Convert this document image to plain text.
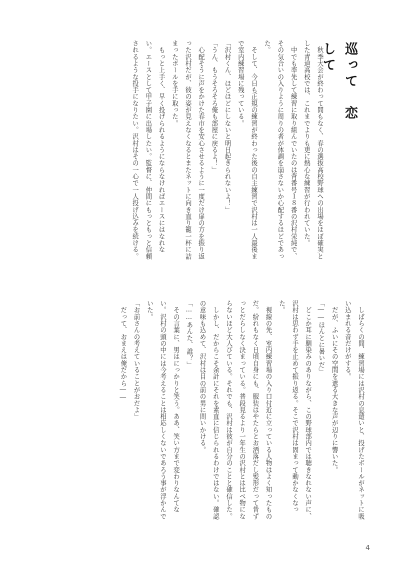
巡って　恋して

　秋季大会が終わって間もなく、春の選抜高校野球への出場をほぼ確実とした青道高校では、これまでよりも更に熱心な練習が行われていた。

　中でも率先して練習に取り組んでいたのは背番号１８番の沢村栄純で、その気合いの入りように周りの者が体調を崩さないか心配するほどであった。

　そして、今日も正規の練習が終わった後の自主練習で沢村は一人最後まで室内練習場に残っている。

「沢村くん、ほどほどにしないと明日起きられないよ！」

「うん、もうそろそろ俺も部屋に戻るよ！」

　心配そうに声をかけた春市を安心させるように一度だけ扉の方を振り返った沢村だが、彼の姿が見えなくなるとまたネットに向き直り籠一杯に詰まったボールを手に取った。

　もっと上手く、早く投げられるようにならなければエースにはなれない。エースとして甲子園に出場したい。監督に、仲間にもっともっと信頼されるような投手になりたい。沢村はその一心で一人投げ込みを続ける。

　しばらくの間、練習場には沢村の息遣いと、投げたボールがネットに吸い込まれる音だけがする。

　だが、ふいにその空間を遮る大きな声が辺りに響いた。

「――ほんとに暑いだ」

　どこか耳に馴染みのありながら、この野球部内では聴きなれない声に、沢村は思わず手を止めて振り返る。そこで沢村は固まって動かなくなった。

　視線の先、室内練習場の入り口付近に立っている人物はよく知ったものだ。紛れもなく日頃自身にも、服装はやたらとお洒落だし髪形だって昔ずっとだらしなく決まっている。普段見るより一年生の沢村とは比べ物にならないほど大人びている。それでも、沢村は彼が自分のことと確信した。

　しかし、だからこそ余計にそれを素直に信じられるわけではない。確認の意味も込めて、沢村は目の前の男に問いかける。

「……あんた、誰？」

　その言葉に、男はにっかりと笑う。ああ、笑い方まで変わりなんてない。沢村の頭の中には今考えることは相応しくないであろう事が浮かんでいた。

「お前さんの考えていることがおだよ」

　だって、おまえは俺だから――

4
